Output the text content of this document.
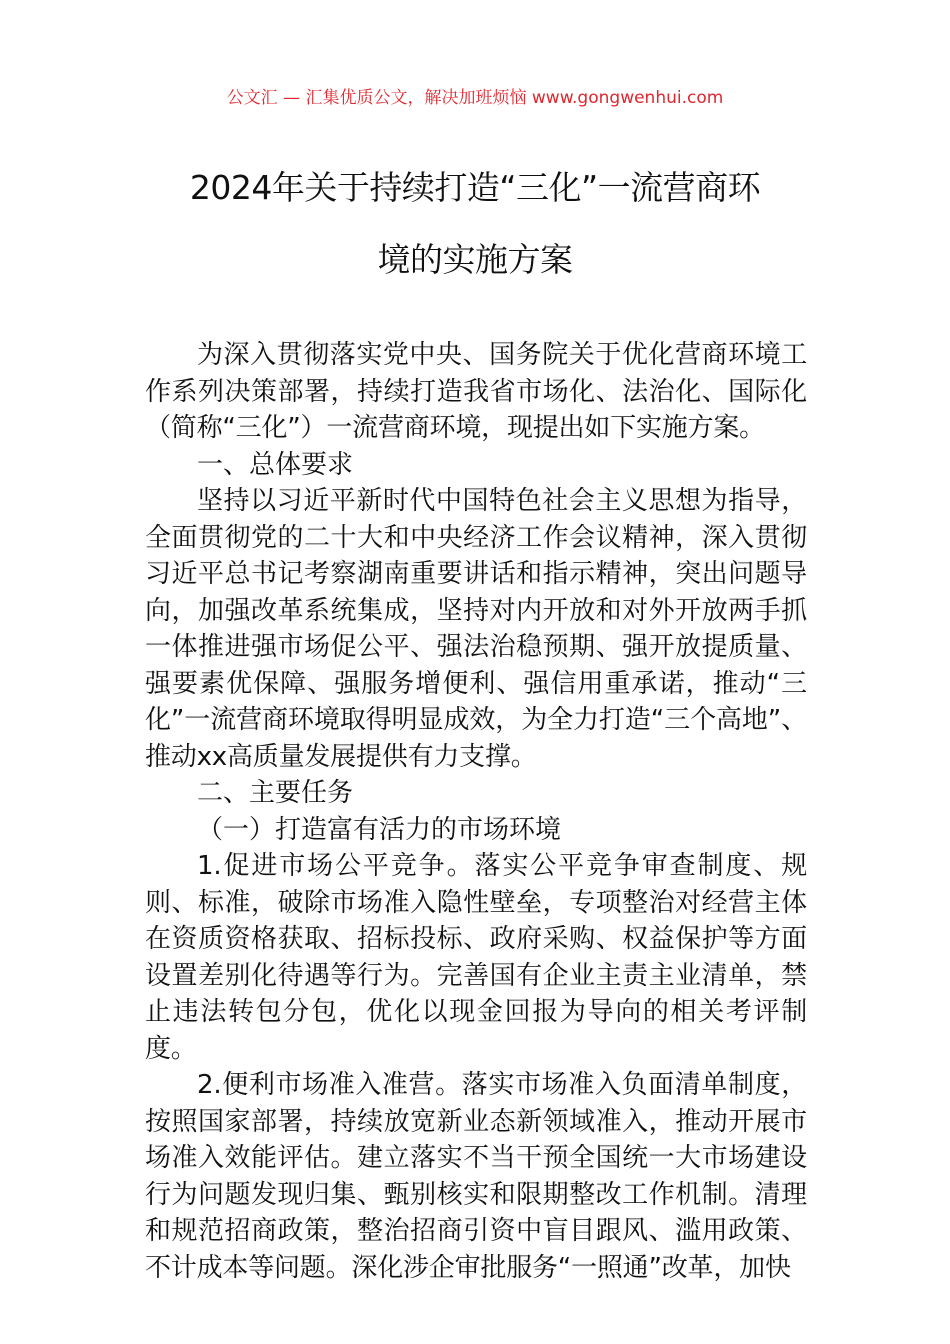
公文汇 — 汇集优质公文，解决加班烦恼 www.gongwenhui.com
2024年关于持续打造“三化”一流营商环
境的实施方案

为深入贯彻落实党中央、国务院关于优化营商环境工作系列决策部署，持续打造我省市场化、法治化、国际化（简称“三化”）一流营商环境，现提出如下实施方案。

一、总体要求

坚持以习近平新时代中国特色社会主义思想为指导，全面贯彻党的二十大和中央经济工作会议精神，深入贯彻习近平总书记考察湖南重要讲话和指示精神，突出问题导向，加强改革系统集成，坚持对内开放和对外开放两手抓一体推进强市场促公平、强法治稳预期、强开放提质量、强要素优保障、强服务增便利、强信用重承诺，推动“三化”一流营商环境取得明显成效，为全力打造“三个高地”、推动xx高质量发展提供有力支撑。

二、主要任务

（一）打造富有活力的市场环境

1.促进市场公平竞争。落实公平竞争审查制度、规则、标准，破除市场准入隐性壁垒，专项整治对经营主体在资质资格获取、招标投标、政府采购、权益保护等方面设置差别化待遇等行为。完善国有企业主责主业清单，禁止违法转包分包，优化以现金回报为导向的相关考评制度。

2.便利市场准入准营。落实市场准入负面清单制度，按照国家部署，持续放宽新业态新领域准入，推动开展市场准入效能评估。建立落实不当干预全国统一大市场建设行为问题发现归集、甄别核实和限期整改工作机制。清理和规范招商政策，整治招商引资中盲目跟风、滥用政策、不计成本等问题。深化涉企审批服务“一照通”改革，加快
